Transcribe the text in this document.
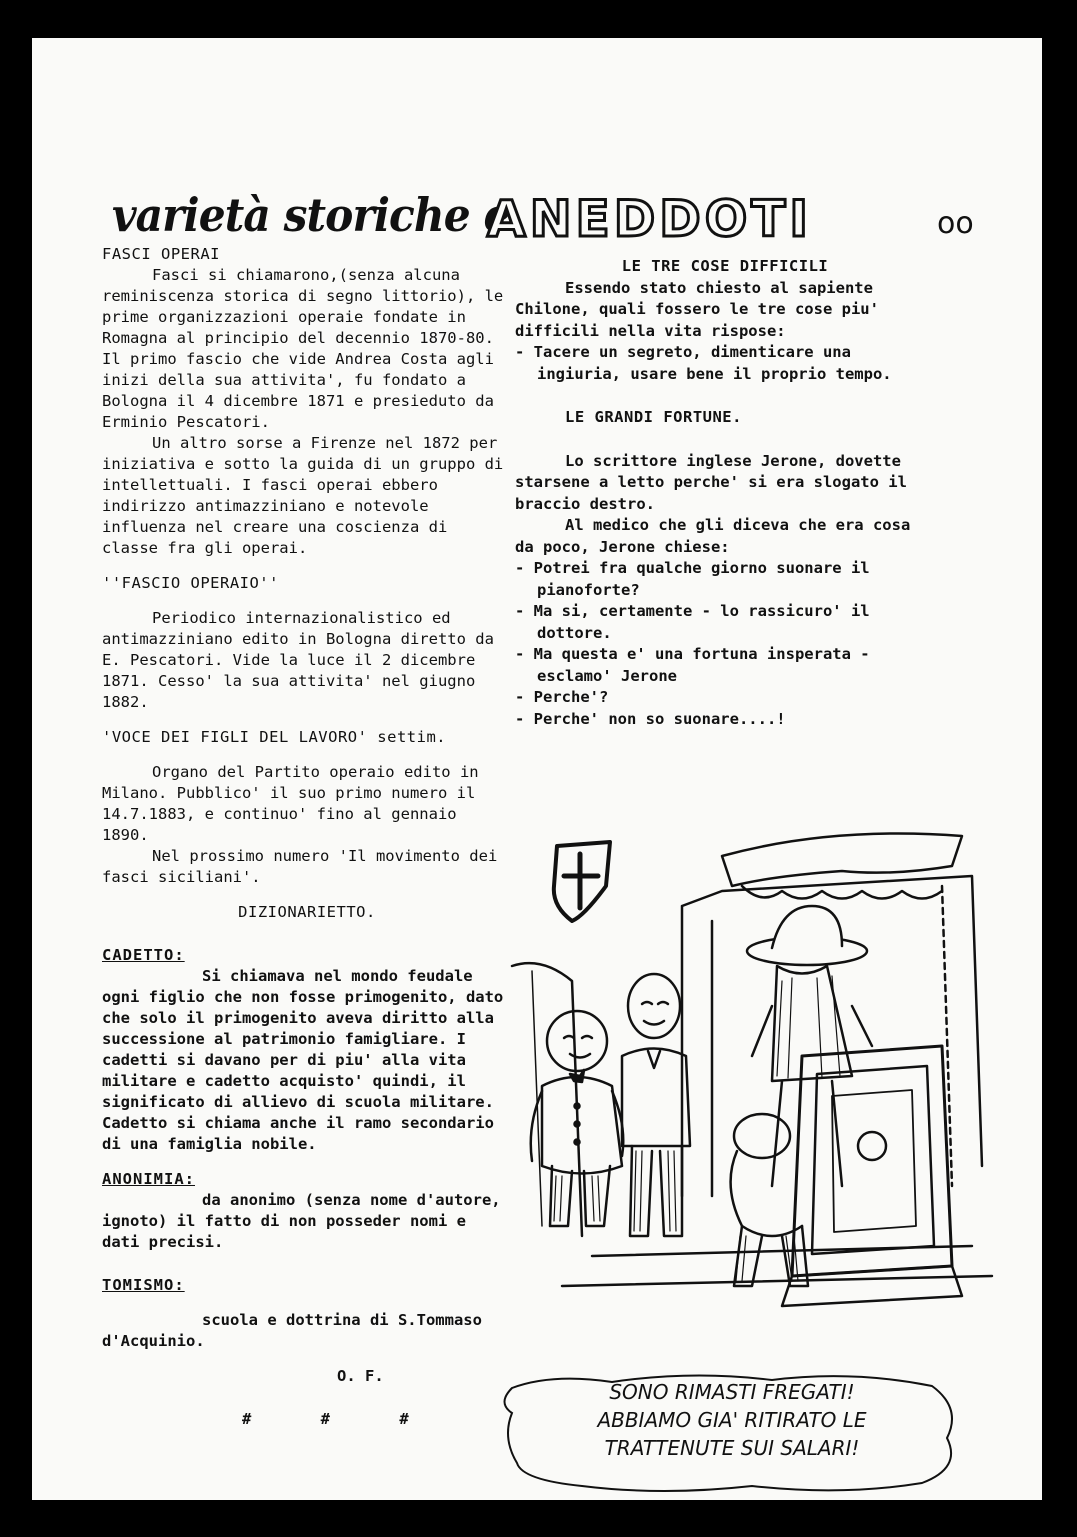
varietà storiche e
ANEDDOTI	oo

FASCI OPERAI

Fasci si chiamarono,(senza alcuna reminiscenza storica di segno littorio), le prime organizzazioni operaie fondate in Romagna al principio del decennio 1870-80. Il primo fascio che vide Andrea Costa agli inizi della sua attivita', fu fondato a Bologna il 4 dicembre 1871 e presieduto da Erminio Pescatori.

Un altro sorse a Firenze nel 1872 per iniziativa e sotto la guida di un gruppo di intellettuali. I fasci operai ebbero indirizzo antimazziniano e notevole influenza nel creare una coscienza di classe fra gli operai.

''FASCIO OPERAIO''

Periodico internazionalistico ed antimazziniano edito in Bologna diretto da E. Pescatori. Vide la luce il 2 dicembre 1871. Cesso' la sua attivita' nel giugno 1882.

'VOCE DEI FIGLI DEL LAVORO' settim.

Organo del Partito operaio edito in Milano. Pubblico' il suo primo numero il 14.7.1883, e continuo' fino al gennaio 1890.

Nel prossimo numero 'Il movimento dei fasci siciliani'.

DIZIONARIETTO.

CADETTO:

Si chiamava nel mondo feudale ogni figlio che non fosse primogenito, dato che solo il primogenito aveva diritto alla successione al patrimonio famigliare. I cadetti si davano per di piu' alla vita militare e cadetto acquisto' quindi, il significato di allievo di scuola militare. Cadetto si chiama anche il ramo secondario di una famiglia nobile.

ANONIMIA:

da anonimo (senza nome d'autore, ignoto) il fatto di non posseder nomi e dati precisi.

TOMISMO:

scuola e dottrina di S.Tommaso d'Acquinio.

O. F.

# # #

LE TRE COSE DIFFICILI

Essendo stato chiesto al sapiente Chilone, quali fossero le tre cose piu' difficili nella vita rispose:

- Tacere un segreto, dimenticare una ingiuria, usare bene il proprio tempo.

LE GRANDI FORTUNE.

Lo scrittore inglese Jerone, dovette starsene a letto perche' si era slogato il braccio destro.

Al medico che gli diceva che era cosa da poco, Jerone chiese:

- Potrei fra qualche giorno suonare il pianoforte?

- Ma si, certamente - lo rassicuro' il dottore.

- Ma questa e' una fortuna insperata - esclamo' Jerone

- Perche'?

- Perche' non so suonare....!

SONO RIMASTI FREGATI!
ABBIAMO GIA' RITIRATO LE
TRATTENUTE SUI SALARI!
